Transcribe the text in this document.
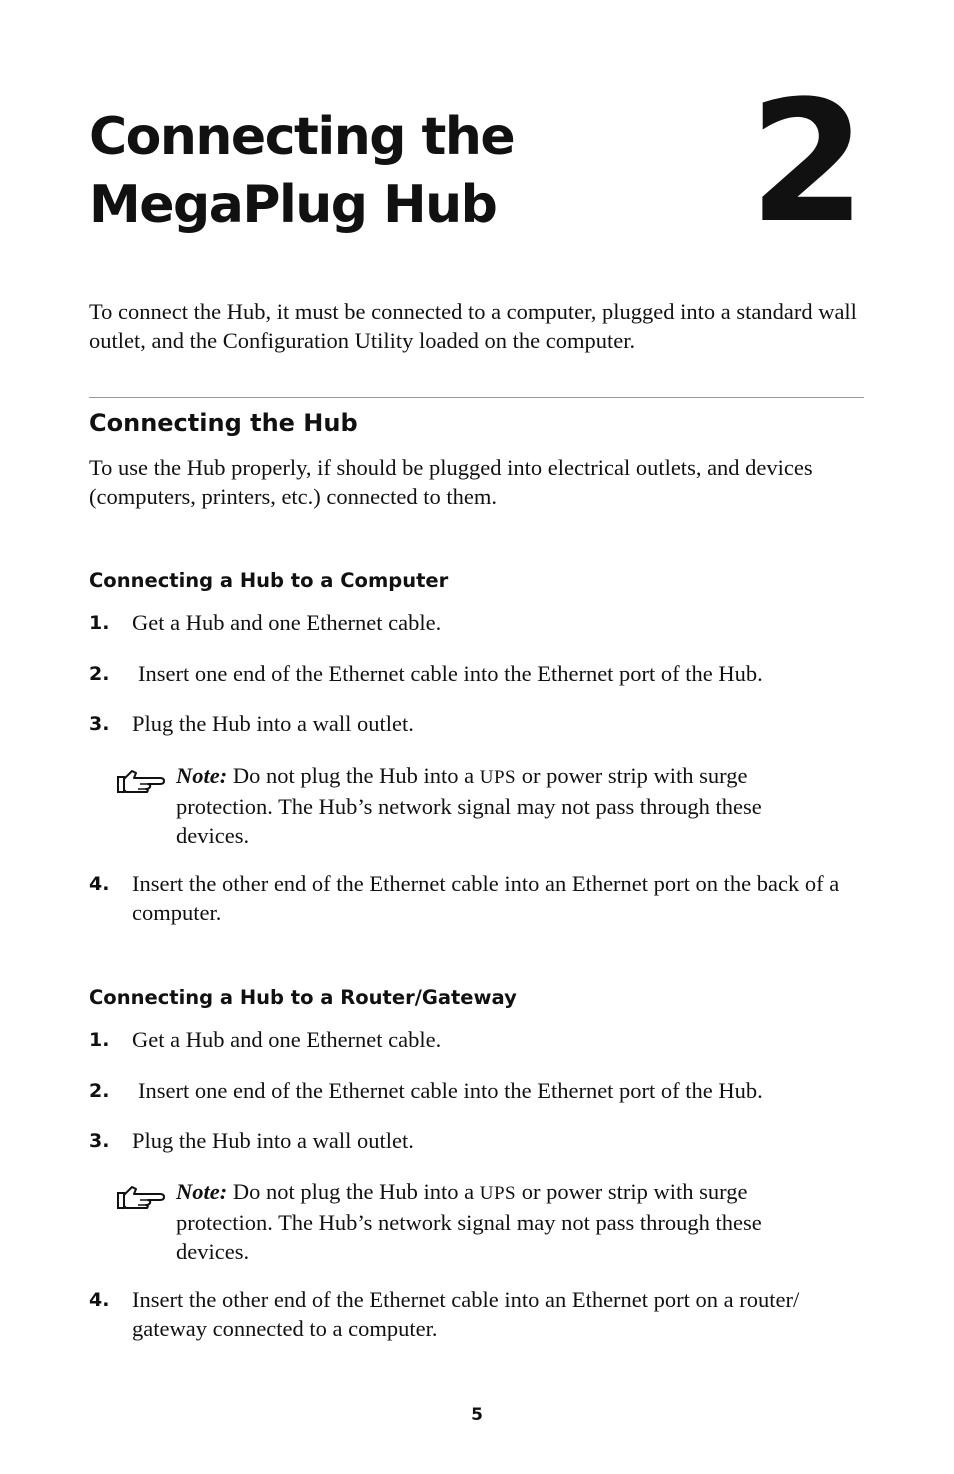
Connecting the
MegaPlug Hub	2

To connect the Hub, it must be connected to a computer, plugged into a standard wall outlet, and the Configuration Utility loaded on the computer.

Connecting the Hub

To use the Hub properly, if should be plugged into electrical outlets, and devices (computers, printers, etc.) connected to them.

Connecting a Hub to a Computer
1. Get a Hub and one Ethernet cable.

2. Insert one end of the Ethernet cable into the Ethernet port of the Hub.

3. Plug the Hub into a wall outlet.

Note: Do not plug the Hub into a UPS or power strip with surge protection. The Hub’s network signal may not pass through these devices.

4. Insert the other end of the Ethernet cable into an Ethernet port on the back of a computer.

Connecting a Hub to a Router/Gateway
1. Get a Hub and one Ethernet cable.

2. Insert one end of the Ethernet cable into the Ethernet port of the Hub.

3. Plug the Hub into a wall outlet.

Note: Do not plug the Hub into a UPS or power strip with surge protection. The Hub’s network signal may not pass through these devices.

4. Insert the other end of the Ethernet cable into an Ethernet port on a router/ gateway connected to a computer.

5
